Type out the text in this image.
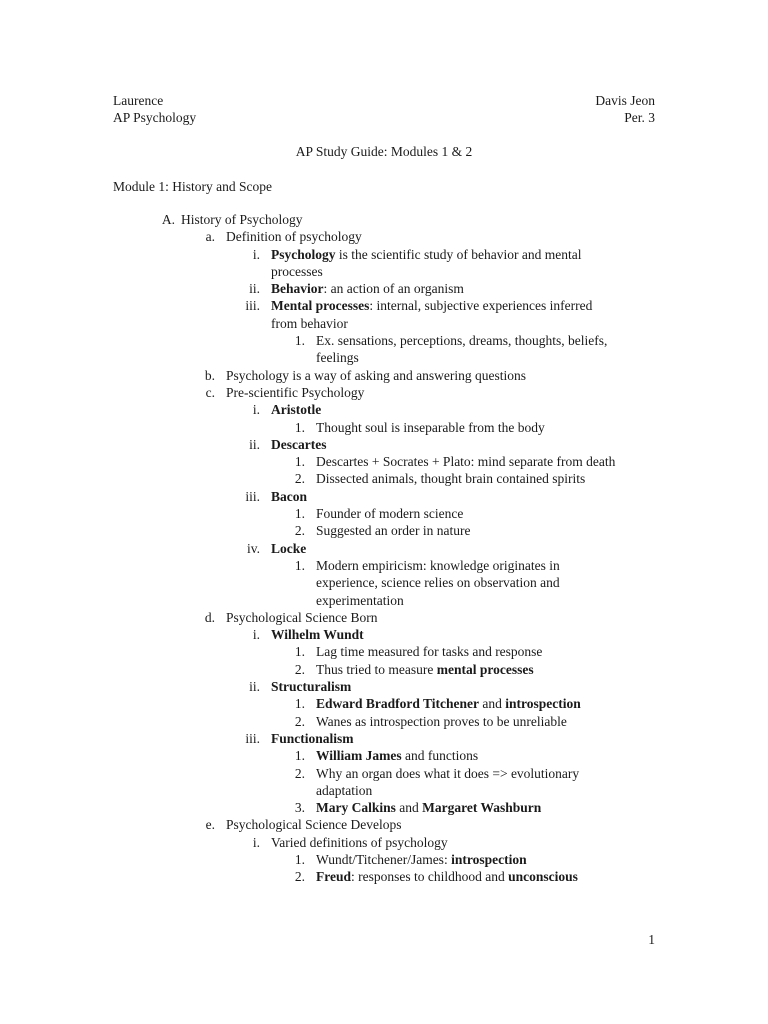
Laurence
AP Psychology
Davis Jeon
Per. 3
AP Study Guide: Modules 1 & 2
Module 1: History and Scope
A. History of Psychology
a. Definition of psychology
i. Psychology is the scientific study of behavior and mental
processes
ii. Behavior: an action of an organism
iii. Mental processes: internal, subjective experiences inferred
from behavior
1. Ex. sensations, perceptions, dreams, thoughts, beliefs,
feelings
b. Psychology is a way of asking and answering questions
c. Pre-scientific Psychology
i. Aristotle
1. Thought soul is inseparable from the body
ii. Descartes
1. Descartes + Socrates + Plato: mind separate from death
2. Dissected animals, thought brain contained spirits
iii. Bacon
1. Founder of modern science
2. Suggested an order in nature
iv. Locke
1. Modern empiricism: knowledge originates in
experience, science relies on observation and
experimentation
d. Psychological Science Born
i. Wilhelm Wundt
1. Lag time measured for tasks and response
2. Thus tried to measure mental processes
ii. Structuralism
1. Edward Bradford Titchener and introspection
2. Wanes as introspection proves to be unreliable
iii. Functionalism
1. William James and functions
2. Why an organ does what it does => evolutionary
adaptation
3. Mary Calkins and Margaret Washburn
e. Psychological Science Develops
i. Varied definitions of psychology
1. Wundt/Titchener/James: introspection
2. Freud: responses to childhood and unconscious
1
